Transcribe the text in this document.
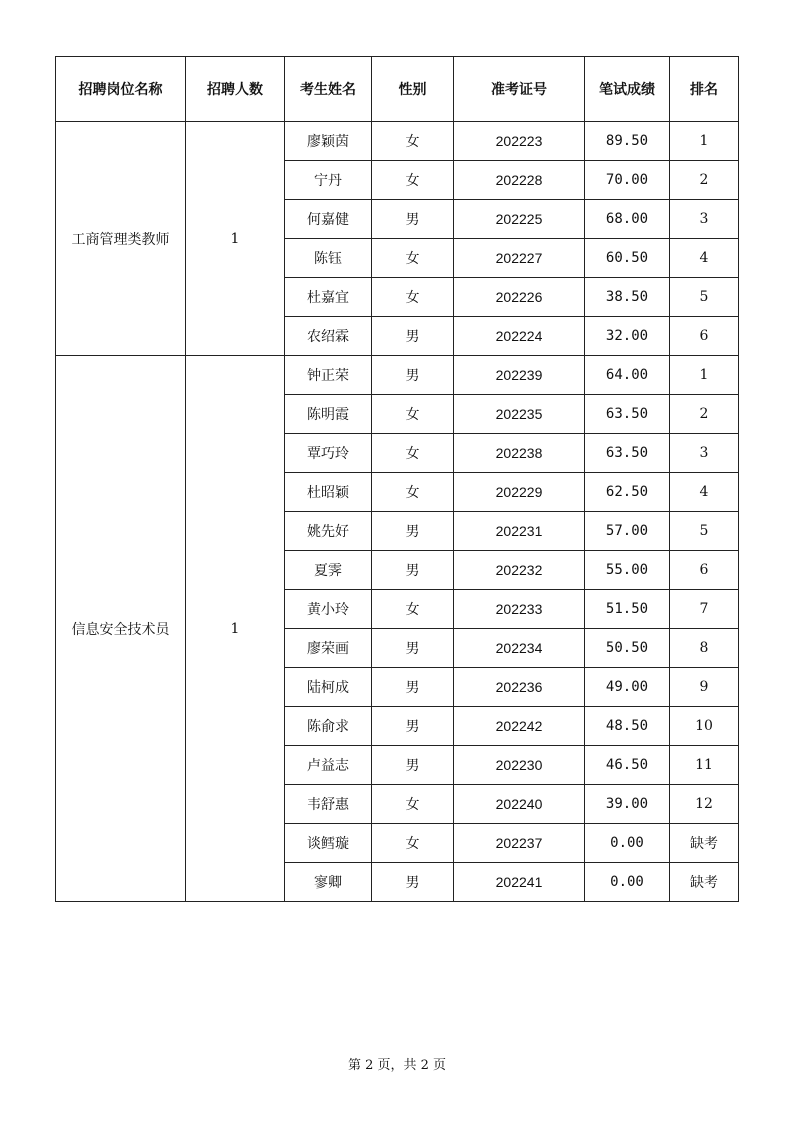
招聘岗位名称	招聘人数	考生姓名	性别	准考证号	笔试成绩	排名
工商管理类教师	1	廖颖茵	女	202223	89.50	1
		宁丹	女	202228	70.00	2
		何嘉健	男	202225	68.00	3
		陈钰	女	202227	60.50	4
		杜嘉宜	女	202226	38.50	5
		农绍霖	男	202224	32.00	6
信息安全技术员	1	钟正荣	男	202239	64.00	1
		陈明霞	女	202235	63.50	2
		覃巧玲	女	202238	63.50	3
		杜昭颖	女	202229	62.50	4
		姚先好	男	202231	57.00	5
		夏霁	男	202232	55.00	6
		黄小玲	女	202233	51.50	7
		廖荣画	男	202234	50.50	8
		陆柯成	男	202236	49.00	9
		陈俞求	男	202242	48.50	10
		卢益志	男	202230	46.50	11
		韦舒惠	女	202240	39.00	12
		谈鳕璇	女	202237	0.00	缺考
		寥卿	男	202241	0.00	缺考
第 2 页，共 2 页
